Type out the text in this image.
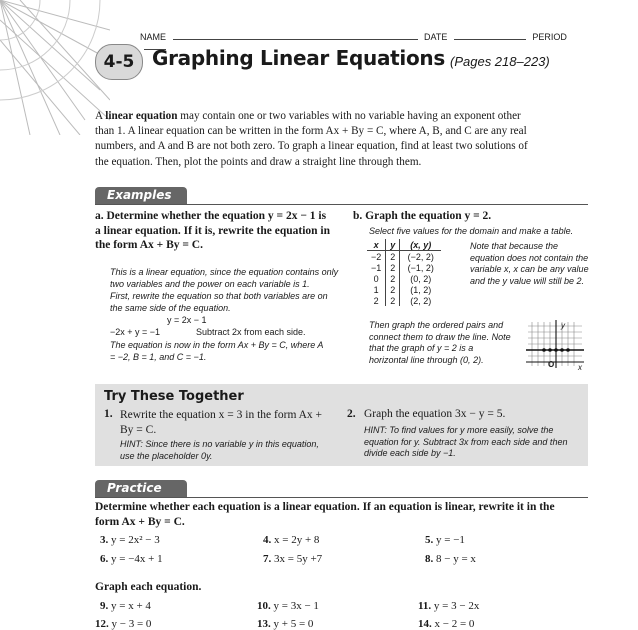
NAME	DATE	PERIOD
4-5 Graphing Linear Equations (Pages 218–223)
A linear equation may contain one or two variables with no variable having an exponent other than 1. A linear equation can be written in the form Ax + By = C, where A, B, and C are any real numbers, and A and B are not both zero. To graph a linear equation, find at least two solutions of the equation. Then, plot the points and draw a straight line through them.
Examples
a. Determine whether the equation y = 2x − 1 is a linear equation. If it is, rewrite the equation in the form Ax + By = C.
This is a linear equation, since the equation contains only two variables and the power on each variable is 1.
First, rewrite the equation so that both variables are on the same side of the equation.
y = 2x − 1
−2x + y = −1	Subtract 2x from each side.
The equation is now in the form Ax + By = C, where A = −2, B = 1, and C = −1.
b. Graph the equation y = 2.
Select five values for the domain and make a table.
x	y	(x, y)
−2	2	(−2, 2)
−1	2	(−1, 2)
0	2	(0, 2)
1	2	(1, 2)
2	2	(2, 2)
Note that because the equation does not contain the variable x, x can be any value and the y value will still be 2.
Then graph the ordered pairs and connect them to draw the line. Note that the graph of y = 2 is a horizontal line through (0, 2).
y
x
O
Try These Together
1. Rewrite the equation x = 3 in the form Ax + By = C.
HINT: Since there is no variable y in this equation, use the placeholder 0y.
2. Graph the equation 3x − y = 5.
HINT: To find values for y more easily, solve the equation for y. Subtract 3x from each side and then divide each side by −1.
Practice
Determine whether each equation is a linear equation. If an equation is linear, rewrite it in the form Ax + By = C.
3. y = 2x² − 3	4. x = 2y + 8	5. y = −1
6. y = −4x + 1	7. 3x = 5y +7	8. 8 − y = x
Graph each equation.
9. y = x + 4	10. y = 3x − 1	11. y = 3 − 2x
12. y − 3 = 0	13. y + 5 = 0	14. x − 2 = 0
